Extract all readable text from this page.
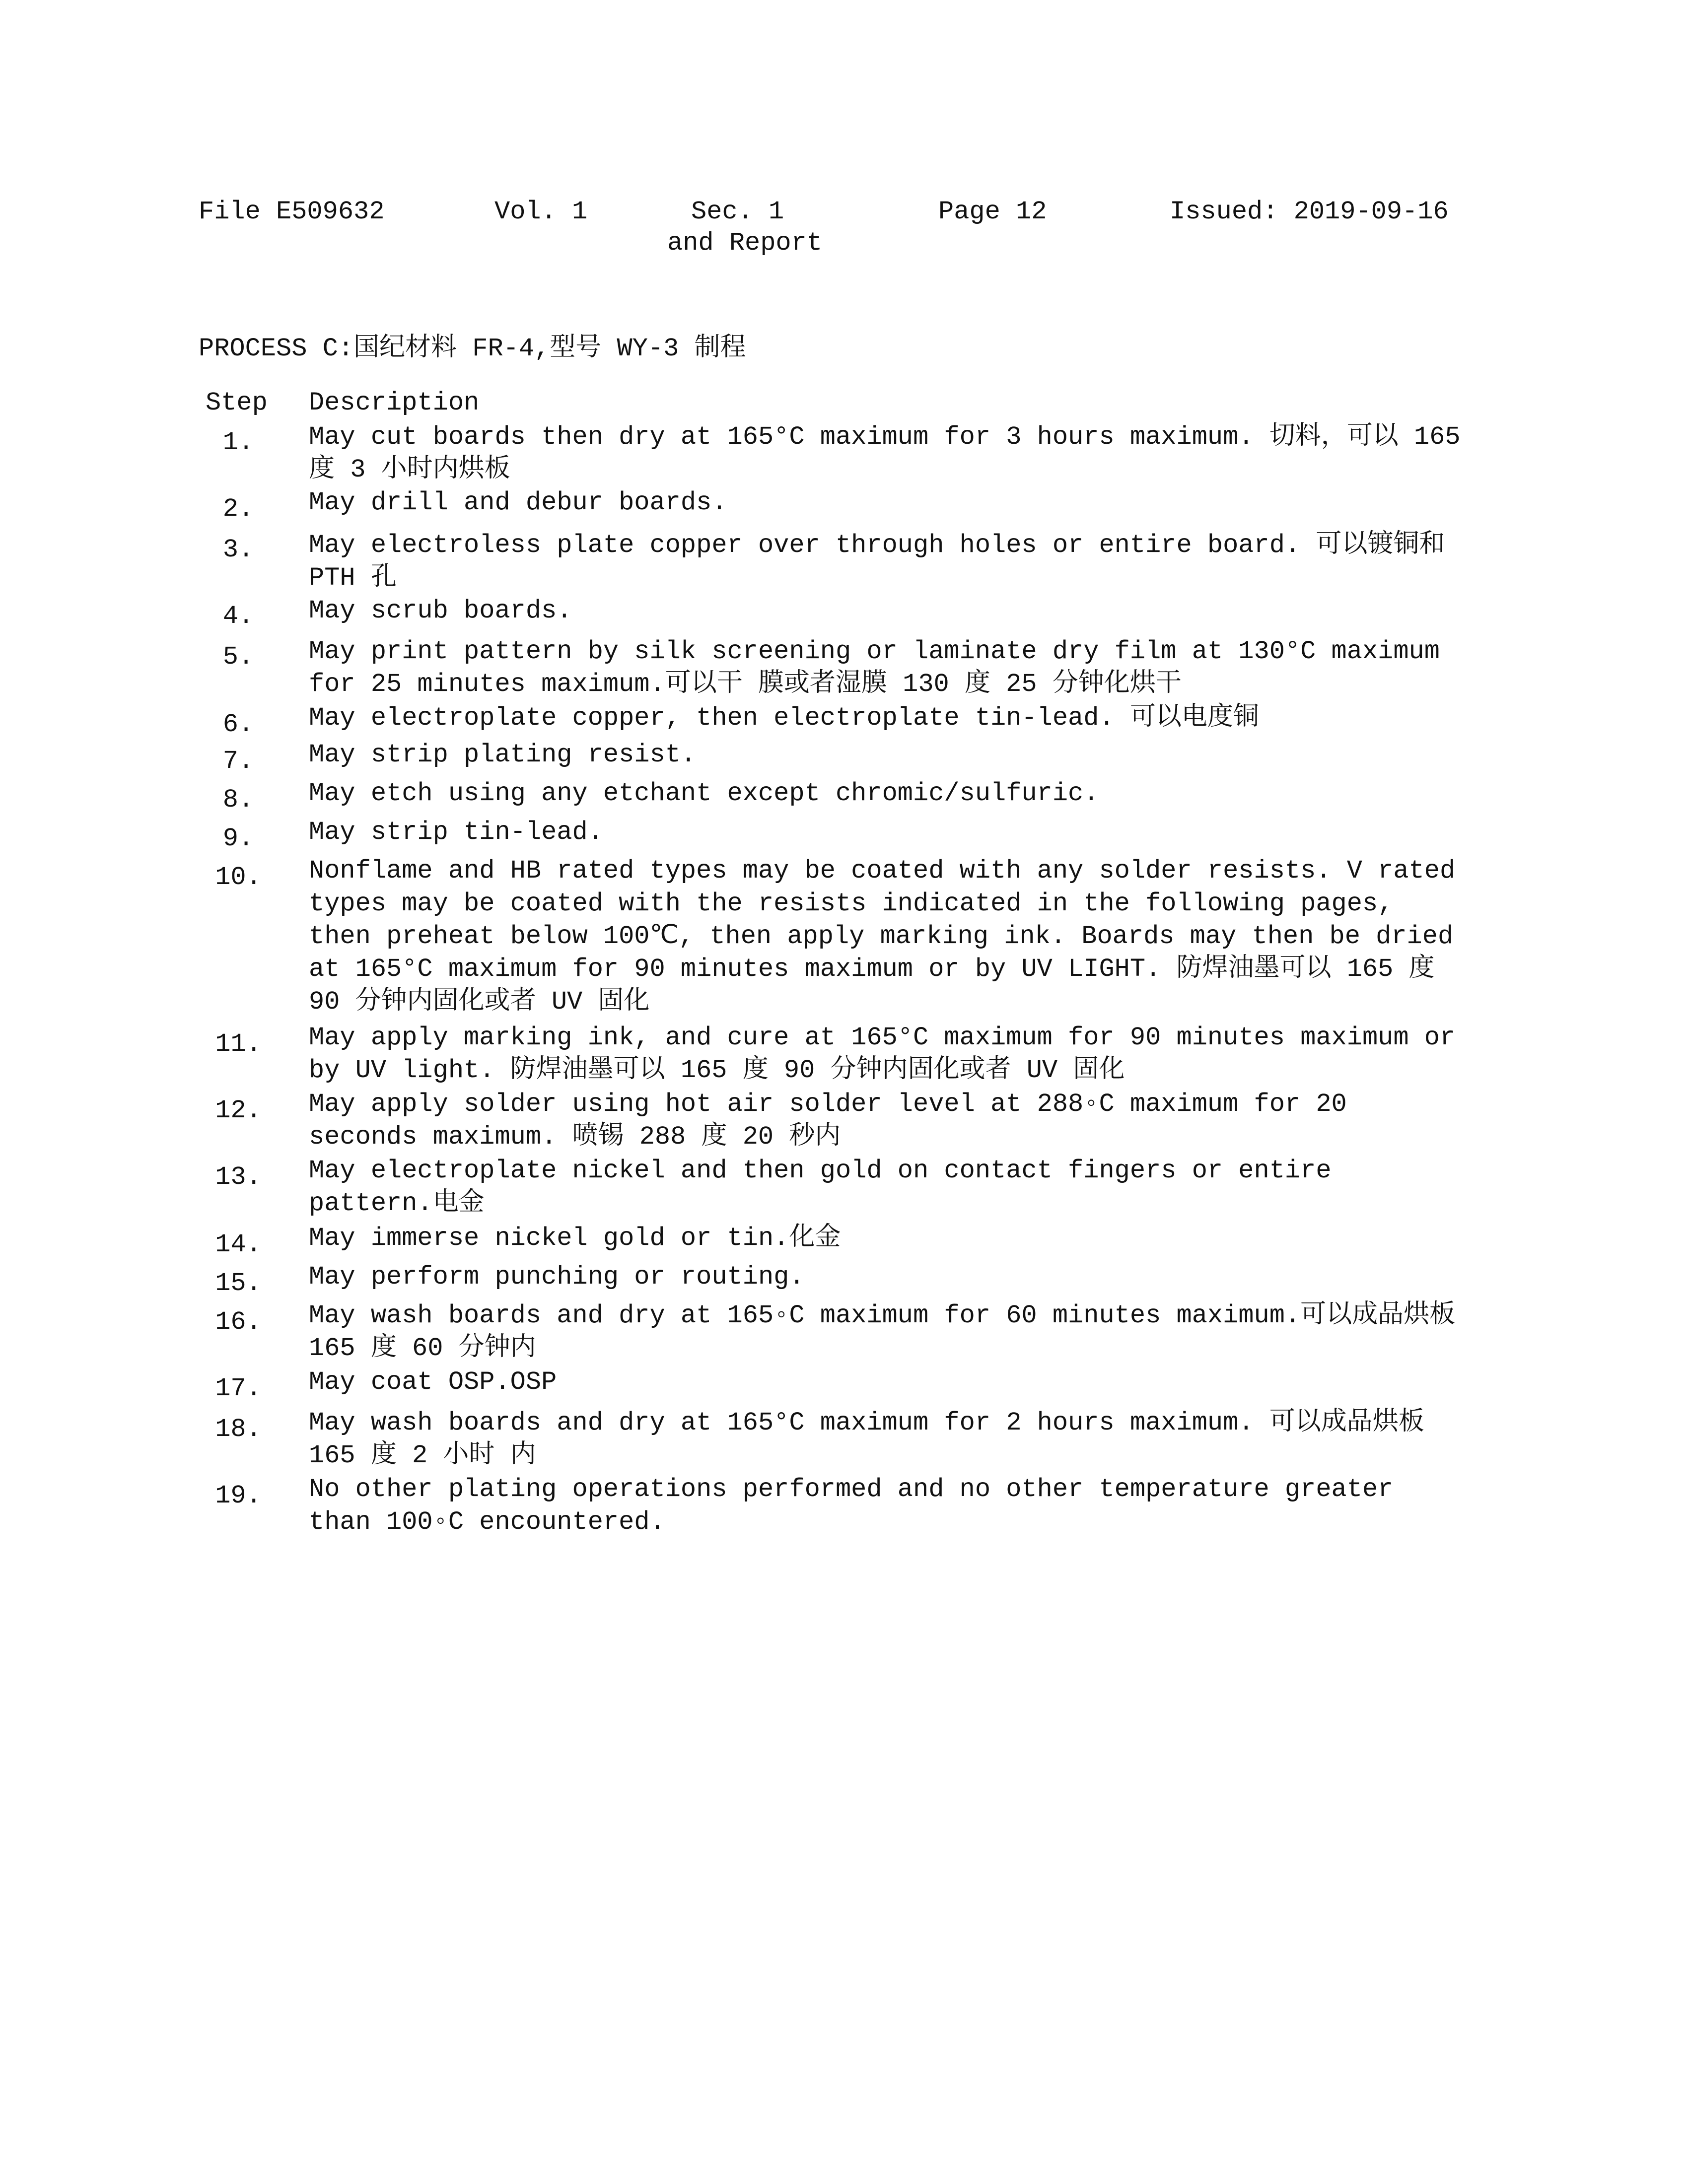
File E509632	Vol. 1	Sec. 1
and Report
Page 12	Issued: 2019-09-16
PROCESS C:国纪材料 FR-4,型号 WY-3 制程
Step Description
1.	May cut boards then dry at 165°C maximum for 3 hours maximum. 切料，可以 165 度 3 小时内烘板
2.	May drill and debur boards.
3.	May electroless plate copper over through holes or entire board. 可以镀铜和 PTH 孔
4.	May scrub boards.
5.	May print pattern by silk screening or laminate dry film at 130°C maximum for 25 minutes maximum.可以干 膜或者湿膜 130 度 25 分钟化烘干
6.	May electroplate copper, then electroplate tin-lead. 可以电度铜
7.	May strip plating resist.
8.	May etch using any etchant except chromic/sulfuric.
9.	May strip tin-lead.
10.	Nonflame and HB rated types may be coated with any solder resists. V rated types may be coated with the resists indicated in the following pages, then preheat below 100℃, then apply marking ink. Boards may then be dried at 165°C maximum for 90 minutes maximum or by UV LIGHT. 防焊油墨可以 165 度 90 分钟内固化或者 UV 固化
11.	May apply marking ink, and cure at 165°C maximum for 90 minutes maximum or by UV light. 防焊油墨可以 165 度 90 分钟内固化或者 UV 固化
12.	May apply solder using hot air solder level at 288◦C maximum for 20 seconds maximum. 喷锡 288 度 20 秒内
13.	May electroplate nickel and then gold on contact fingers or entire pattern.电金
14.	May immerse nickel gold or tin.化金
15.	May perform punching or routing.
16.	May wash boards and dry at 165◦C maximum for 60 minutes maximum.可以成品烘板 165 度 60 分钟内
17.	May coat OSP.OSP
18.	May wash boards and dry at 165°C maximum for 2 hours maximum. 可以成品烘板 165 度 2 小时 内
19.	No other plating operations performed and no other temperature greater than 100◦C encountered.
